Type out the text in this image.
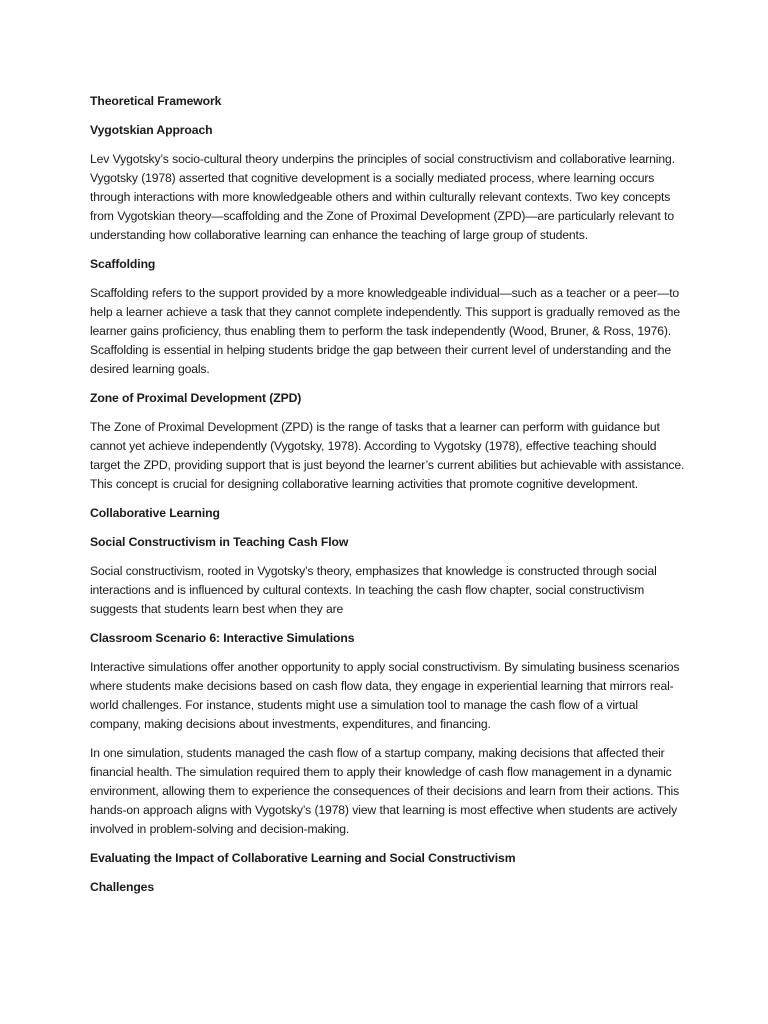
Theoretical Framework
Vygotskian Approach

Lev Vygotsky’s socio-cultural theory underpins the principles of social constructivism and collaborative learning. Vygotsky (1978) asserted that cognitive development is a socially mediated process, where learning occurs through interactions with more knowledgeable others and within culturally relevant contexts. Two key concepts from Vygotskian theory—scaffolding and the Zone of Proximal Development (ZPD)—are particularly relevant to understanding how collaborative learning can enhance the teaching of large group of students.

Scaffolding

Scaffolding refers to the support provided by a more knowledgeable individual—such as a teacher or a peer—to help a learner achieve a task that they cannot complete independently. This support is gradually removed as the learner gains proficiency, thus enabling them to perform the task independently (Wood, Bruner, & Ross, 1976). Scaffolding is essential in helping students bridge the gap between their current level of understanding and the desired learning goals.

Zone of Proximal Development (ZPD)

The Zone of Proximal Development (ZPD) is the range of tasks that a learner can perform with guidance but cannot yet achieve independently (Vygotsky, 1978). According to Vygotsky (1978), effective teaching should target the ZPD, providing support that is just beyond the learner’s current abilities but achievable with assistance. This concept is crucial for designing collaborative learning activities that promote cognitive development.

Collaborative Learning
Social Constructivism in Teaching Cash Flow

Social constructivism, rooted in Vygotsky’s theory, emphasizes that knowledge is constructed through social interactions and is influenced by cultural contexts. In teaching the cash flow chapter, social constructivism suggests that students learn best when they are

Classroom Scenario 6: Interactive Simulations

Interactive simulations offer another opportunity to apply social constructivism. By simulating business scenarios where students make decisions based on cash flow data, they engage in experiential learning that mirrors real-world challenges. For instance, students might use a simulation tool to manage the cash flow of a virtual company, making decisions about investments, expenditures, and financing.

In one simulation, students managed the cash flow of a startup company, making decisions that affected their financial health. The simulation required them to apply their knowledge of cash flow management in a dynamic environment, allowing them to experience the consequences of their decisions and learn from their actions. This hands-on approach aligns with Vygotsky’s (1978) view that learning is most effective when students are actively involved in problem-solving and decision-making.

Evaluating the Impact of Collaborative Learning and Social Constructivism
Challenges
